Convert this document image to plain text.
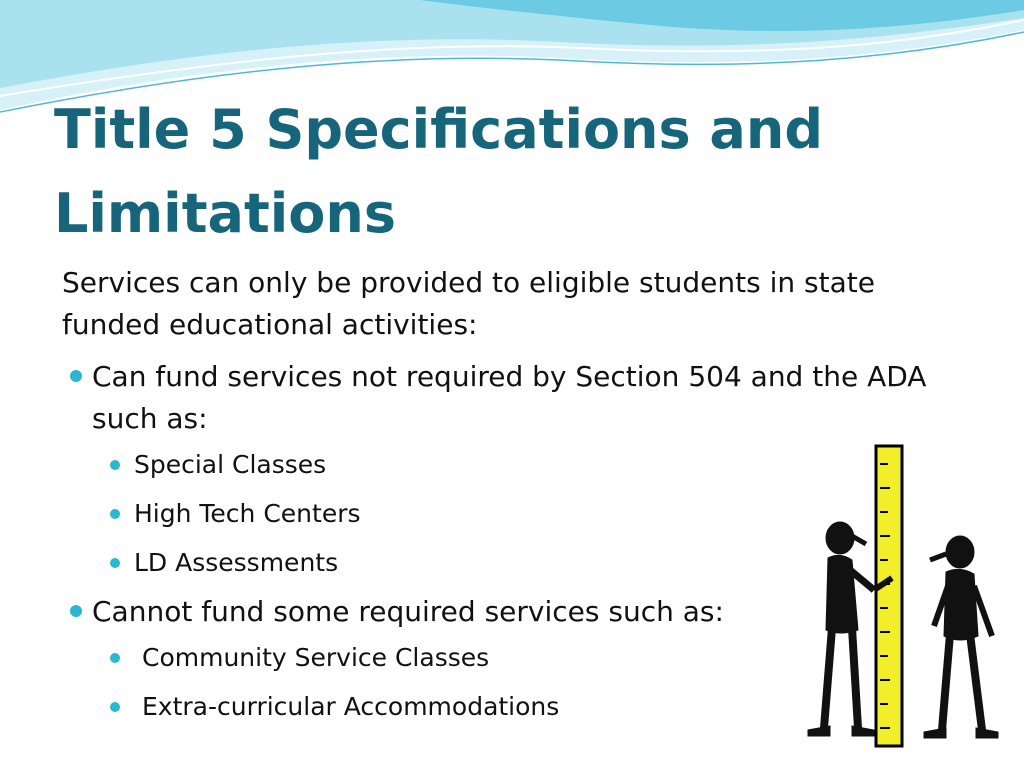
Title 5 Specifications and Limitations

Services can only be provided to eligible students in state funded educational activities:

Can fund services not required by Section 504 and the ADA such as:
Special Classes
High Tech Centers
LD Assessments
Cannot fund some required services such as:
Community Service Classes
Extra-curricular Accommodations
